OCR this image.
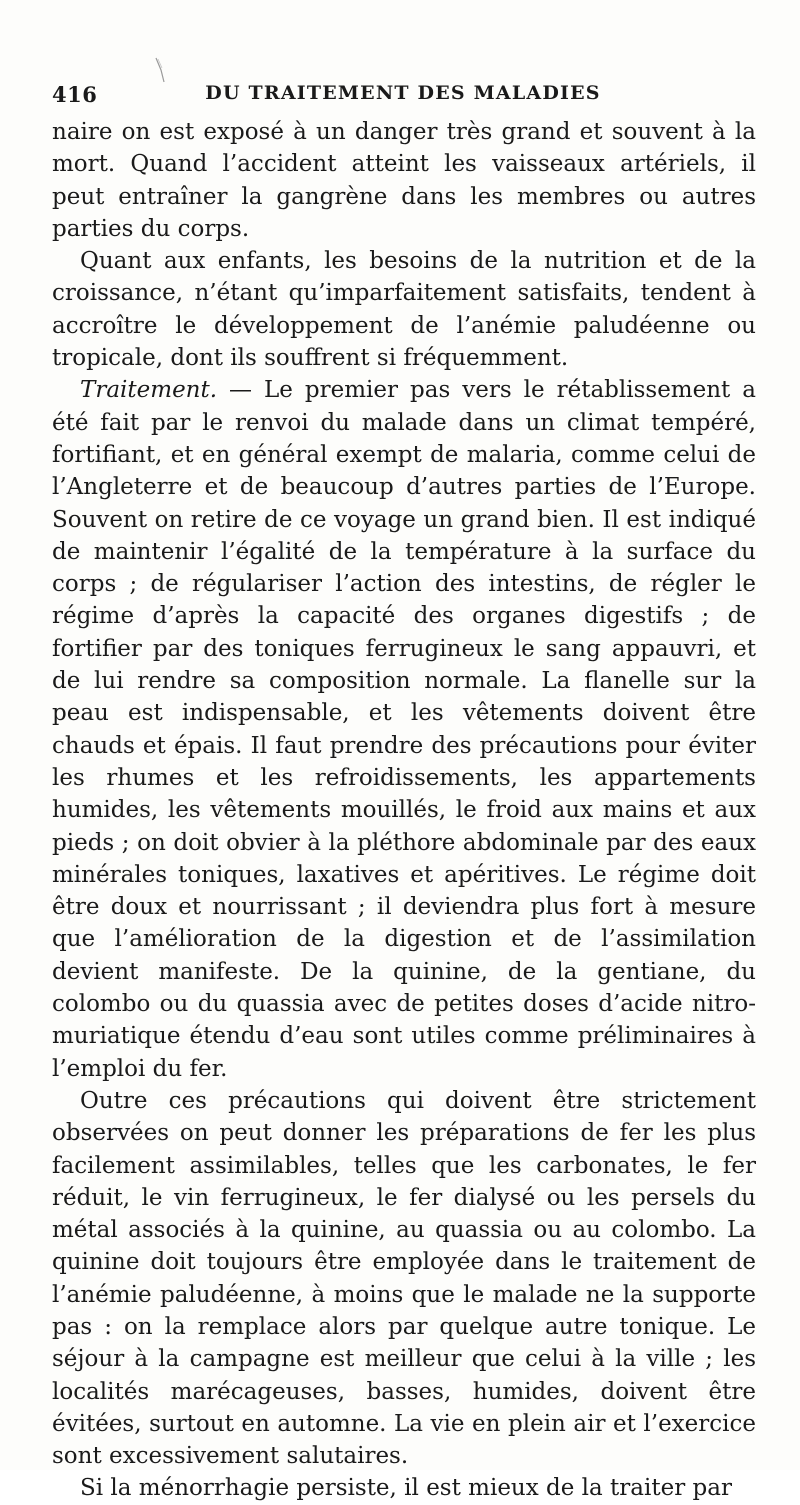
416	DU TRAITEMENT DES MALADIES

naire on est exposé à un danger très grand et souvent à la mort. Quand l’accident atteint les vaisseaux artériels, il peut entraîner la gangrène dans les membres ou autres parties du corps.

Quant aux enfants, les besoins de la nutrition et de la croissance, n’étant qu’imparfaitement satisfaits, tendent à accroître le développement de l’anémie paludéenne ou tropicale, dont ils souffrent si fréquemment.

Traitement. — Le premier pas vers le rétablissement a été fait par le renvoi du malade dans un climat tempéré, fortifiant, et en général exempt de malaria, comme celui de l’Angleterre et de beaucoup d’autres parties de l’Europe. Souvent on retire de ce voyage un grand bien. Il est indiqué de maintenir l’égalité de la température à la surface du corps ; de régulariser l’action des intestins, de régler le régime d’après la capacité des organes digestifs ; de fortifier par des toniques ferrugineux le sang appauvri, et de lui rendre sa composition normale. La flanelle sur la peau est indispensable, et les vêtements doivent être chauds et épais. Il faut prendre des précautions pour éviter les rhumes et les refroidissements, les appartements humides, les vêtements mouillés, le froid aux mains et aux pieds ; on doit obvier à la pléthore abdominale par des eaux minérales toniques, laxatives et apéritives. Le régime doit être doux et nourrissant ; il deviendra plus fort à mesure que l’amélioration de la digestion et de l’assimilation devient manifeste. De la quinine, de la gentiane, du colombo ou du quassia avec de petites doses d’acide nitro-muriatique étendu d’eau sont utiles comme préliminaires à l’emploi du fer.

Outre ces précautions qui doivent être strictement observées on peut donner les préparations de fer les plus facilement assimilables, telles que les carbonates, le fer réduit, le vin ferrugineux, le fer dialysé ou les persels du métal associés à la quinine, au quassia ou au colombo. La quinine doit toujours être employée dans le traitement de l’anémie paludéenne, à moins que le malade ne la supporte pas : on la remplace alors par quelque autre tonique. Le séjour à la campagne est meilleur que celui à la ville ; les localités marécageuses, basses, humides, doivent être évitées, surtout en automne. La vie en plein air et l’exercice sont excessivement salutaires.

Si la ménorrhagie persiste, il est mieux de la traiter par
